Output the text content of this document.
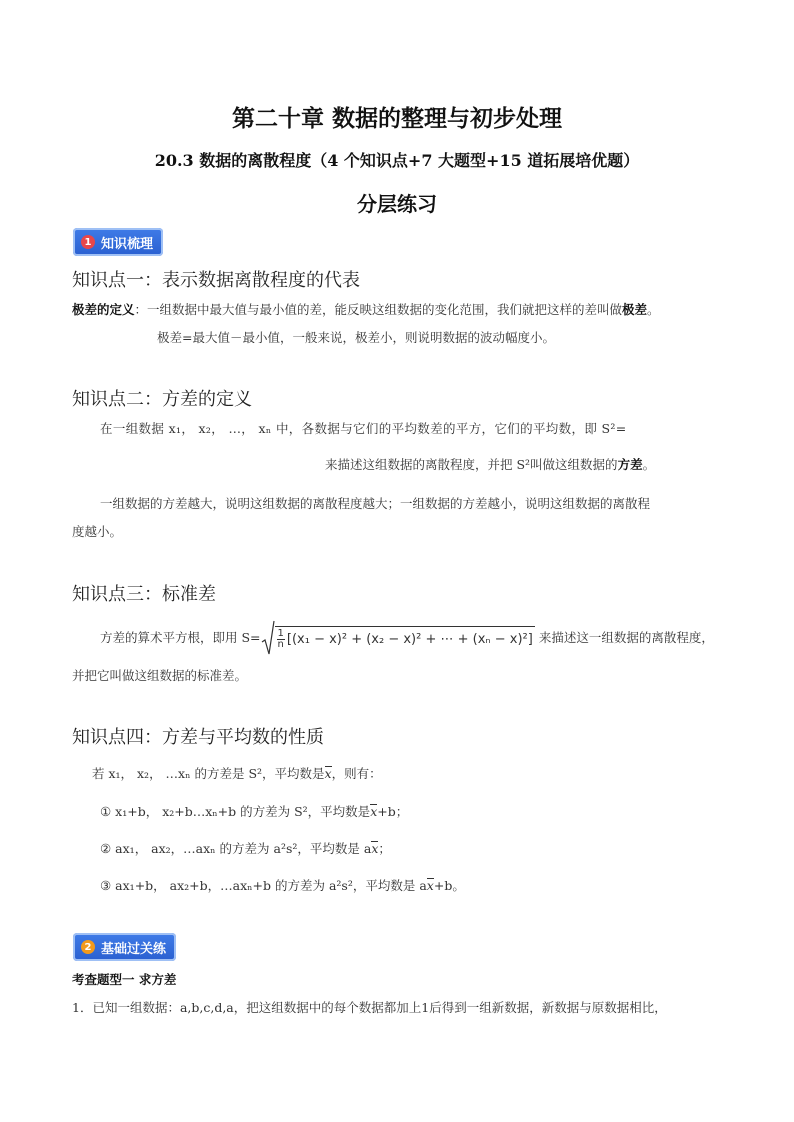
第二十章 数据的整理与初步处理
20.3 数据的离散程度（4 个知识点+7 大题型+15 道拓展培优题）
分层练习
1 知识梳理
知识点一：表示数据离散程度的代表
极差的定义：一组数据中最大值与最小值的差，能反映这组数据的变化范围，我们就把这样的差叫做极差。
极差=最大值－最小值，一般来说，极差小，则说明数据的波动幅度小。
知识点二：方差的定义
在一组数据 x₁， x₂， …， xₙ 中，各数据与它们的平均数差的平方，它们的平均数，即 S²=
来描述这组数据的离散程度，并把 S²叫做这组数据的方差。
一组数据的方差越大，说明这组数据的离散程度越大；一组数据的方差越小，说明这组数据的离散程
度越小。
知识点三：标准差
方差的算术平方根，即用 S= 1
n [(x₁ − x)² + (x₂ − x)² + ⋯ + (xₙ − x)²] 来描述这一组数据的离散程度，
并把它叫做这组数据的标准差。
知识点四：方差与平均数的性质
若 x₁， x₂， …xₙ 的方差是 S²，平均数是x，则有：
① x₁+b， x₂+b…xₙ+b 的方差为 S²，平均数是x+b；
② ax₁， ax₂，…axₙ 的方差为 a²s²，平均数是 ax；
③ ax₁+b， ax₂+b，…axₙ+b 的方差为 a²s²，平均数是 ax+b。
2 基础过关练
考查题型一 求方差
1．已知一组数据：a,b,c,d,a，把这组数据中的每个数据都加上1后得到一组新数据，新数据与原数据相比，
